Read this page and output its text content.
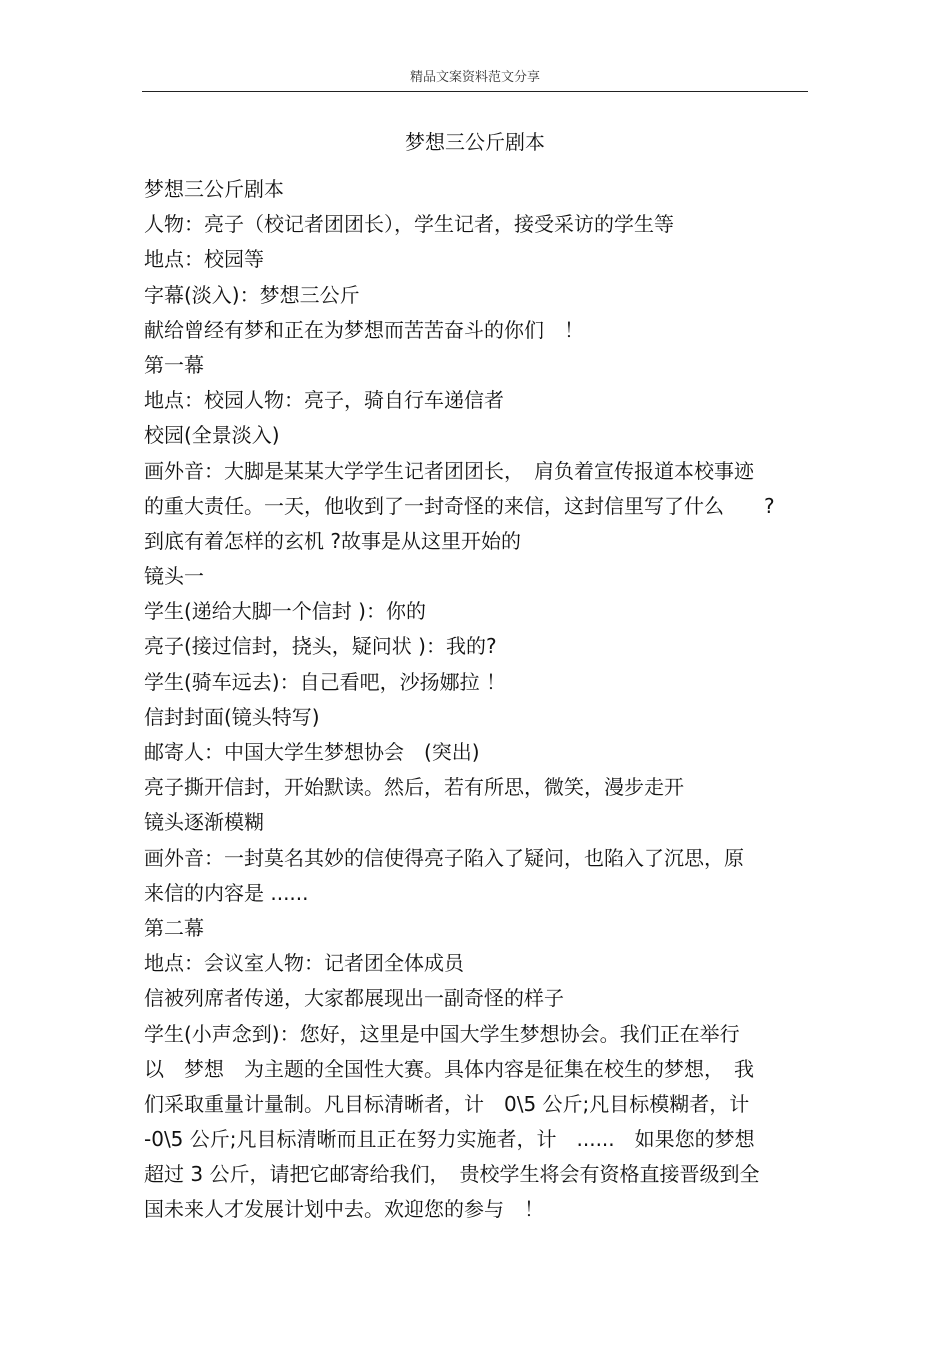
精品文案资料范文分享
梦想三公斤剧本
梦想三公斤剧本
人物：亮子（校记者团团长），学生记者，接受采访的学生等
地点：校园等
字幕(淡入)：梦想三公斤
献给曾经有梦和正在为梦想而苦苦奋斗的你们　！
第一幕
地点：校园人物：亮子，骑自行车递信者
校园(全景淡入)
画外音：大脚是某某大学学生记者团团长，　肩负着宣传报道本校事迹
的重大责任。一天，他收到了一封奇怪的来信，这封信里写了什么　　?
到底有着怎样的玄机 ?故事是从这里开始的
镜头一
学生(递给大脚一个信封 )：你的
亮子(接过信封，挠头，疑问状 )：我的?
学生(骑车远去)：自己看吧，沙扬娜拉 ！
信封封面(镜头特写)
邮寄人：中国大学生梦想协会　(突出)
亮子撕开信封，开始默读。然后，若有所思，微笑，漫步走开
镜头逐渐模糊
画外音：一封莫名其妙的信使得亮子陷入了疑问，也陷入了沉思，原
来信的内容是 ......
第二幕
地点：会议室人物：记者团全体成员
信被列席者传递，大家都展现出一副奇怪的样子
学生(小声念到)：您好，这里是中国大学生梦想协会。我们正在举行
以　梦想　为主题的全国性大赛。具体内容是征集在校生的梦想，　我
们采取重量计量制。凡目标清晰者，计　0\5 公斤;凡目标模糊者，计
-0\5 公斤;凡目标清晰而且正在努力实施者，计　......　如果您的梦想
超过 3 公斤，请把它邮寄给我们，　贵校学生将会有资格直接晋级到全
国未来人才发展计划中去。欢迎您的参与　！
